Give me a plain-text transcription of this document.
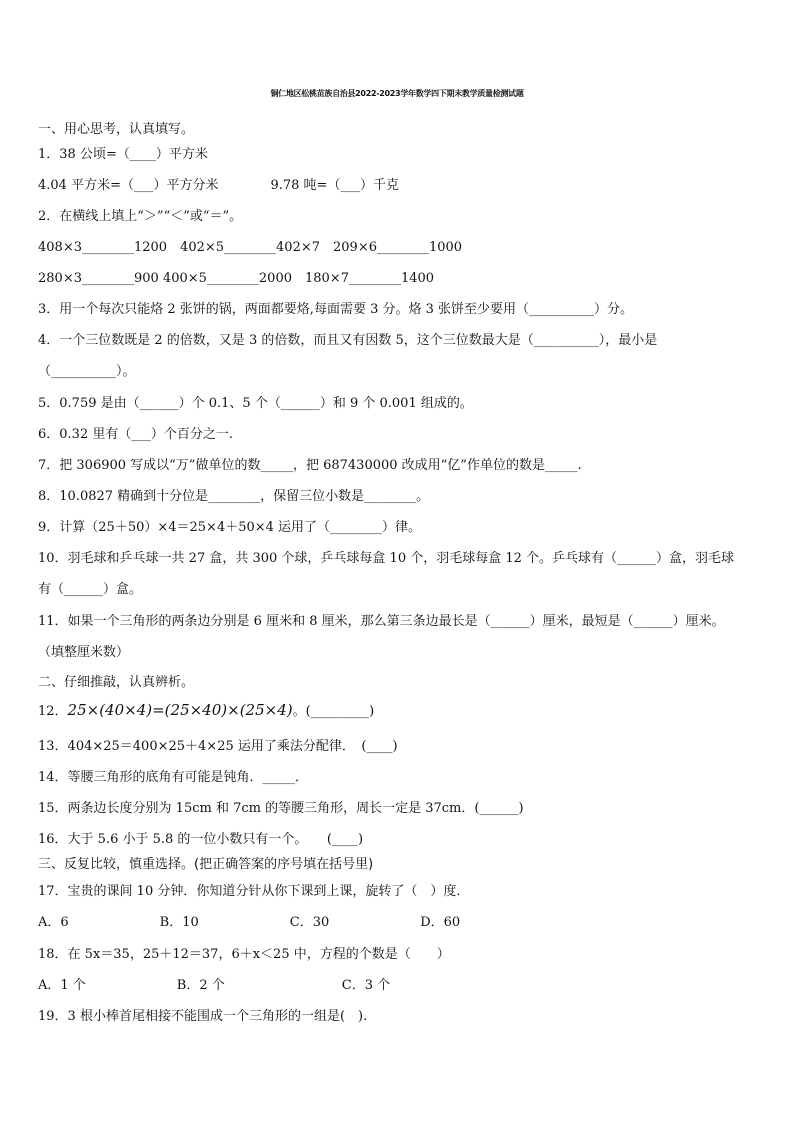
铜仁地区松桃苗族自治县2022-2023学年数学四下期末教学质量检测试题
一、用心思考，认真填写。
1．38 公顷=（____）平方米
4.04 平方米=（___）平方分米　　　　9.78 吨=（___）千克
2．在横线上填上“＞”“＜”或“＝”。
408×3________1200　402×5________402×7　209×6________1000
280×3________900 400×5________2000　180×7________1400
3．用一个每次只能烙 2 张饼的锅，两面都要烙,每面需要 3 分。烙 3 张饼至少要用（__________）分。
4．一个三位数既是 2 的倍数，又是 3 的倍数，而且又有因数 5，这个三位数最大是（__________），最小是
（__________）。
5．0.759 是由（______）个 0.1、5 个（______）和 9 个 0.001 组成的。
6．0.32 里有（___）个百分之一.
7．把 306900 写成以“万”做单位的数_____，把 687430000 改成用“亿”作单位的数是_____.
8．10.0827 精确到十分位是________，保留三位小数是________。
9．计算（25＋50）×4＝25×4＋50×4 运用了（________）律。
10．羽毛球和乒乓球一共 27 盒，共 300 个球，乒乓球每盒 10 个，羽毛球每盒 12 个。乒乓球有（______）盒，羽毛球
有（______）盒。
11．如果一个三角形的两条边分别是 6 厘米和 8 厘米，那么第三条边最长是（______）厘米，最短是（______）厘米。
（填整厘米数）
二、仔细推敲，认真辨析。
12．25×(40×4)=(25×40)×(25×4)。(_________)
13．404×25＝400×25＋4×25 运用了乘法分配律．　(____)
14．等腰三角形的底角有可能是钝角．_____．
15．两条边长度分别为 15cm 和 7cm 的等腰三角形，周长一定是 37cm．(______)
16．大于 5.6 小于 5.8 的一位小数只有一个。　　(____)
三、反复比较，慎重选择。(把正确答案的序号填在括号里)
17．宝贵的课间 10 分钟．你知道分针从你下课到上课，旋转了（　）度．
A．6　　　　　　　B．10　　　　　　　C．30　　　　　　　D．60
18．在 5x＝35，25＋12＝37，6＋x＜25 中，方程的个数是（　　）
A．1 个　　　　　　　B．2 个　　　　　　　　　C．3 个
19．3 根小棒首尾相接不能围成一个三角形的一组是(　).
